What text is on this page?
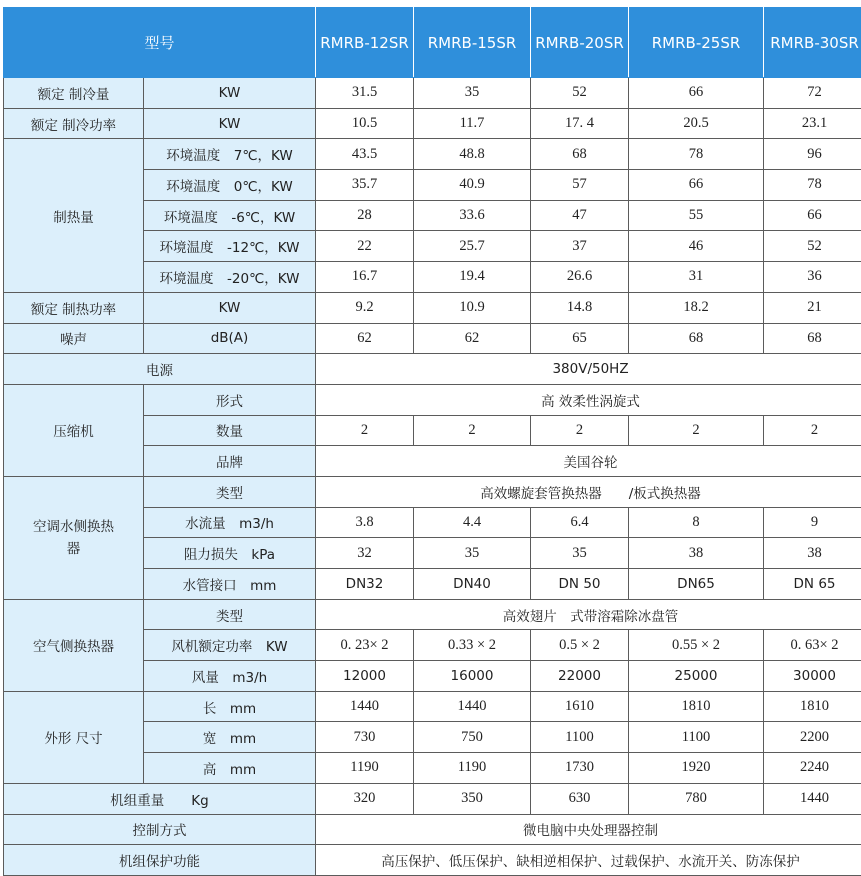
型号		RMRB-12SR	RMRB-15SR	RMRB-20SR	RMRB-25SR	RMRB-30SR
额定 制冷量	KW	31.5	35	52	66	72
额定 制冷功率	KW	10.5	11.7	17. 4	20.5	23.1
制热量	环境温度　7℃，KW	43.5	48.8	68	78	96
	环境温度　0℃，KW	35.7	40.9	57	66	78
	环境温度　-6℃，KW	28	33.6	47	55	66
	环境温度　-12℃，KW	22	25.7	37	46	52
	环境温度　-20℃，KW	16.7	19.4	26.6	31	36
额定 制热功率	KW	9.2	10.9	14.8	18.2	21
噪声	dB(A)	62	62	65	68	68
电源		380V/50HZ				
压缩机	形式	高 效柔性涡旋式				
	数量	2	2	2	2	2
	品牌	美国谷轮				

空调水侧换热
器	类型	高效螺旋套管换热器　　/板式换热器				
	水流量　m3/h	3.8	4.4	6.4	8	9
	阻力损失　kPa	32	35	35	38	38
	水管接口　mm	DN32	DN40	DN 50	DN65	DN 65
空气侧换热器	类型	高效翅片　式带溶霜除冰盘管				
	风机额定功率　KW	0. 23× 2	0.33 × 2	0.5 × 2	0.55 × 2	0. 63× 2
	风量　m3/h	12000	16000	22000	25000	30000
外形 尺寸	长　mm	1440	1440	1610	1810	1810
	宽　mm	730	750	1100	1100	2200
	高　mm	1190	1190	1730	1920	2240
机组重量　　Kg		320	350	630	780	1440
控制方式		微电脑中央处理器控制				
机组保护功能		高压保护、低压保护、缺相逆相保护、过载保护、水流开关、防冻保护				
